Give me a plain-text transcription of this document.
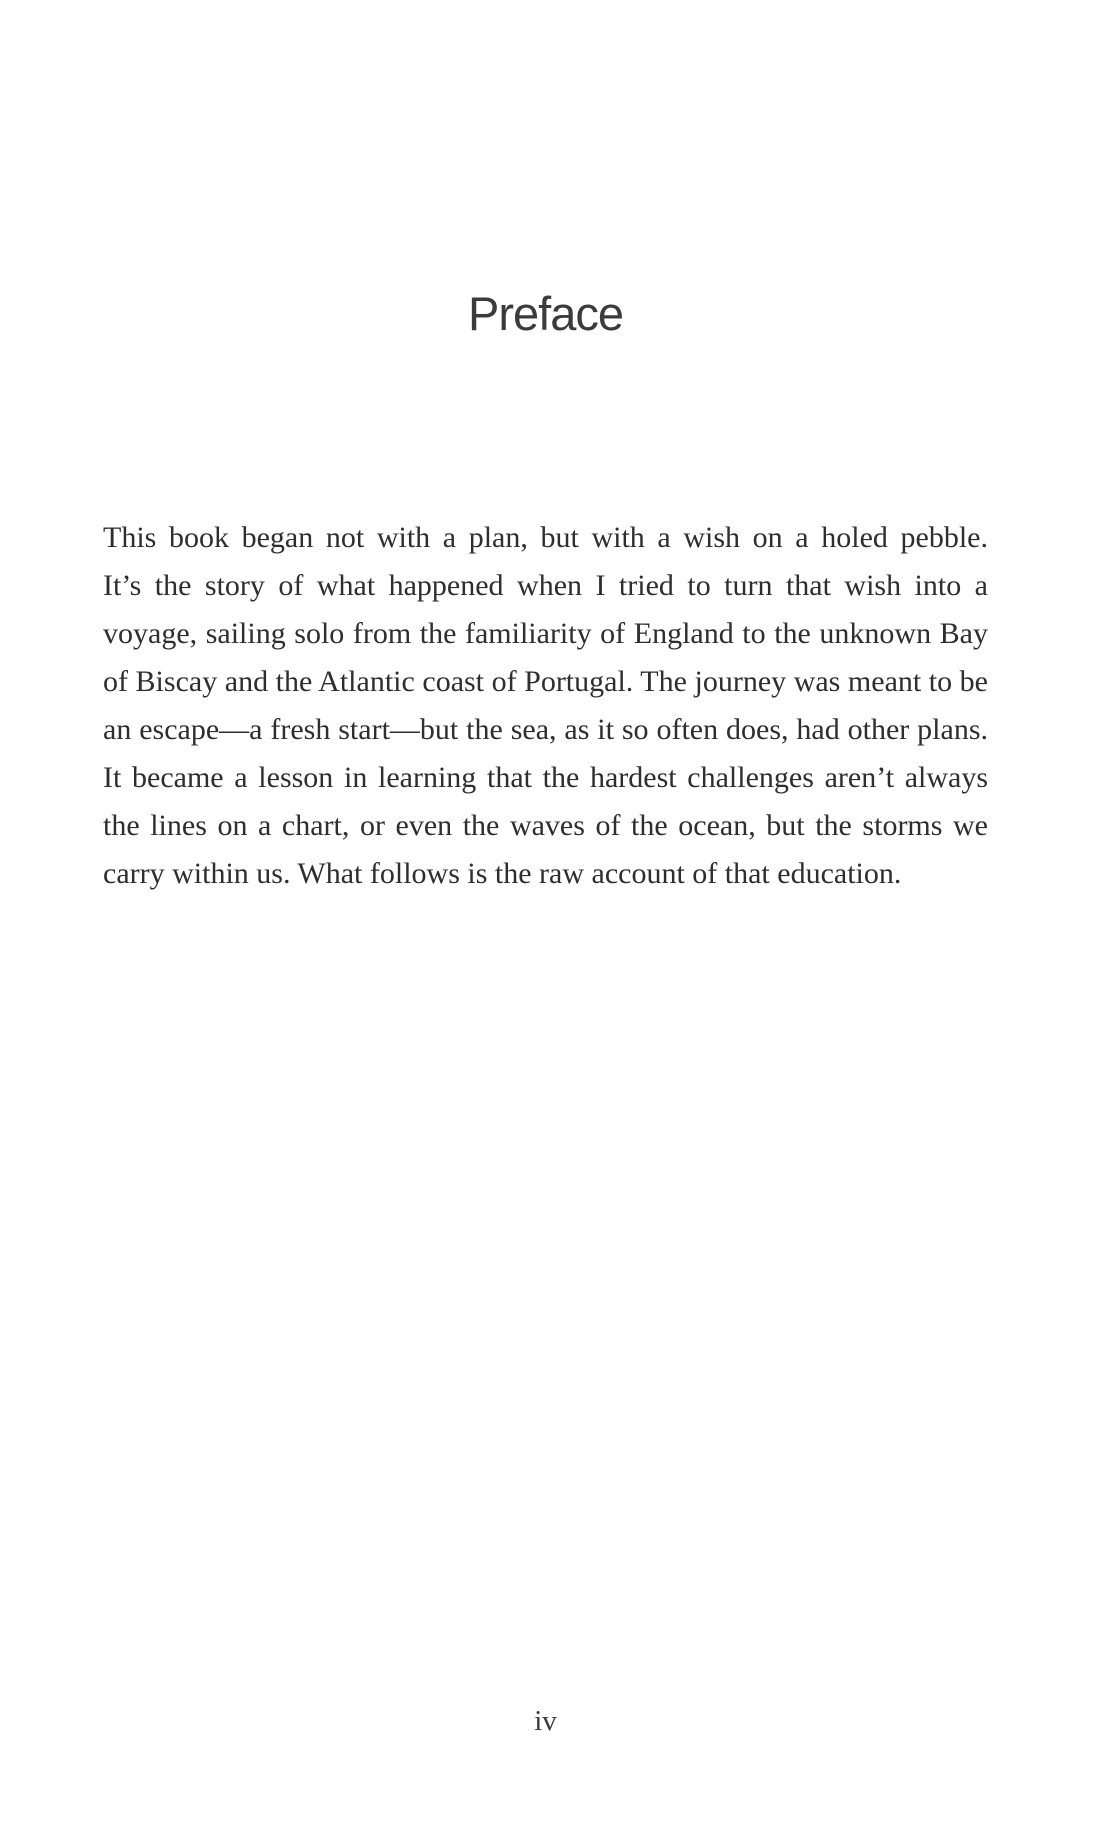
Preface
This book began not with a plan, but with a wish on a holed pebble.
It’s the story of what happened when I tried to turn that wish into a
voyage, sailing solo from the familiarity of England to the unknown Bay
of Biscay and the Atlantic coast of Portugal. The journey was meant to be
an escape—a fresh start—but the sea, as it so often does, had other plans.
It became a lesson in learning that the hardest challenges aren’t always
the lines on a chart, or even the waves of the ocean, but the storms we
carry within us. What follows is the raw account of that education.
iv
